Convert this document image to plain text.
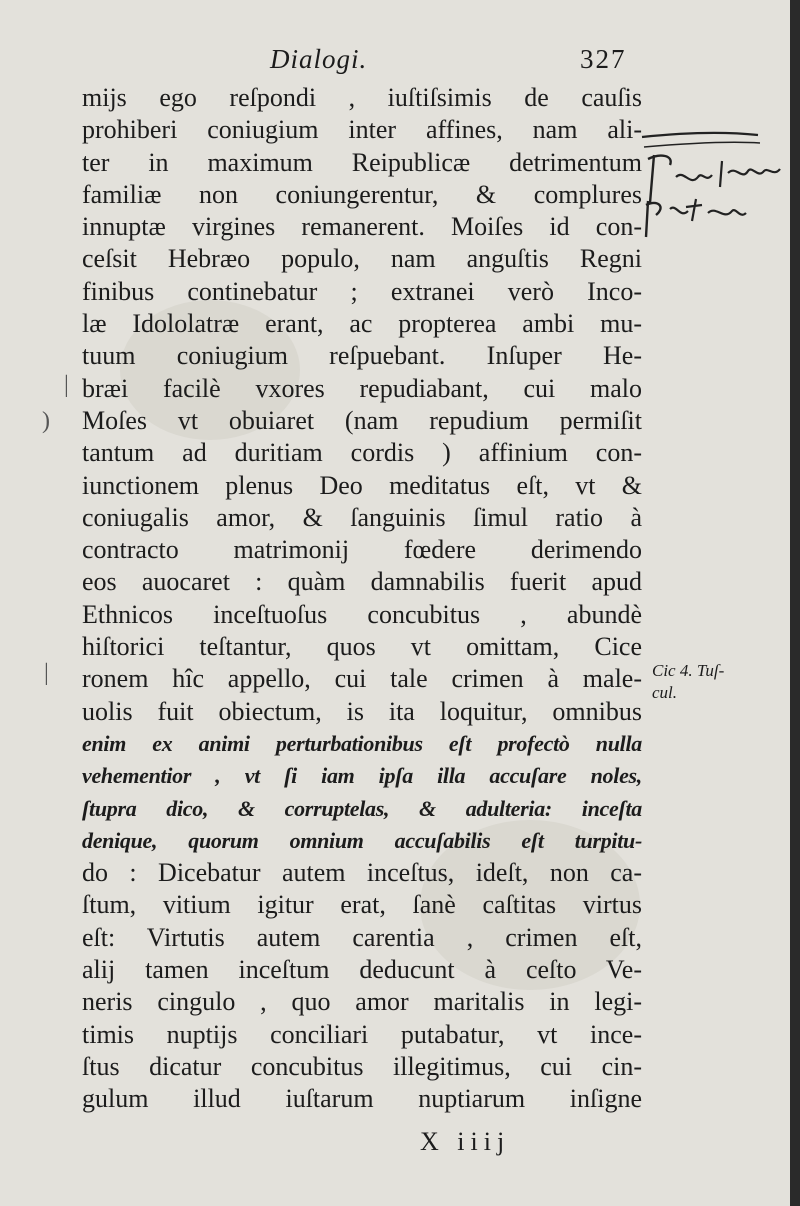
Dialogi.	327
mijs ego reſpondi , iuſtiſsimis de cauſis
prohiberi coniugium inter affines, nam ali-
ter in maximum Reipublicæ detrimentum
familiæ non coniungerentur, & complures
innuptæ virgines remanerent. Moiſes id con-
ceſsit Hebræo populo, nam anguſtis Regni
finibus continebatur ; extranei verò Inco-
læ Idololatræ erant, ac propterea ambi mu-
tuum coniugium reſpuebant. Inſuper He-
bræi facilè vxores repudiabant, cui malo
Moſes vt obuiaret (nam repudium permiſit
tantum ad duritiam cordis ) affinium con-
iunctionem plenus Deo meditatus eſt, vt &
coniugalis amor, & ſanguinis ſimul ratio à
contracto matrimonij fœdere derimendo
eos auocaret : quàm damnabilis fuerit apud
Ethnicos inceſtuoſus concubitus , abundè
hiſtorici teſtantur, quos vt omittam, Cice
ronem hîc appello, cui tale crimen à male-
uolis fuit obiectum, is ita loquitur, omnibus
enim ex animi perturbationibus eſt profectò nulla
vehementior , vt ſi iam ipſa illa accuſare noles,
ſtupra dico, & corruptelas, & adulteria: inceſta
denique, quorum omnium accuſabilis eſt turpitu-
do : Dicebatur autem inceſtus, ideſt, non ca-
ſtum, vitium igitur erat, ſanè caſtitas virtus
eſt: Virtutis autem carentia , crimen eſt,
alij tamen inceſtum deducunt à ceſto Ve-
neris cingulo , quo amor maritalis in legi-
timis nuptijs conciliari putabatur, vt ince-
ſtus dicatur concubitus illegitimus, cui cin-
gulum illud iuſtarum nuptiarum inſigne
Cic 4. Tuſ-
cul.
|
)
|
X iiij
